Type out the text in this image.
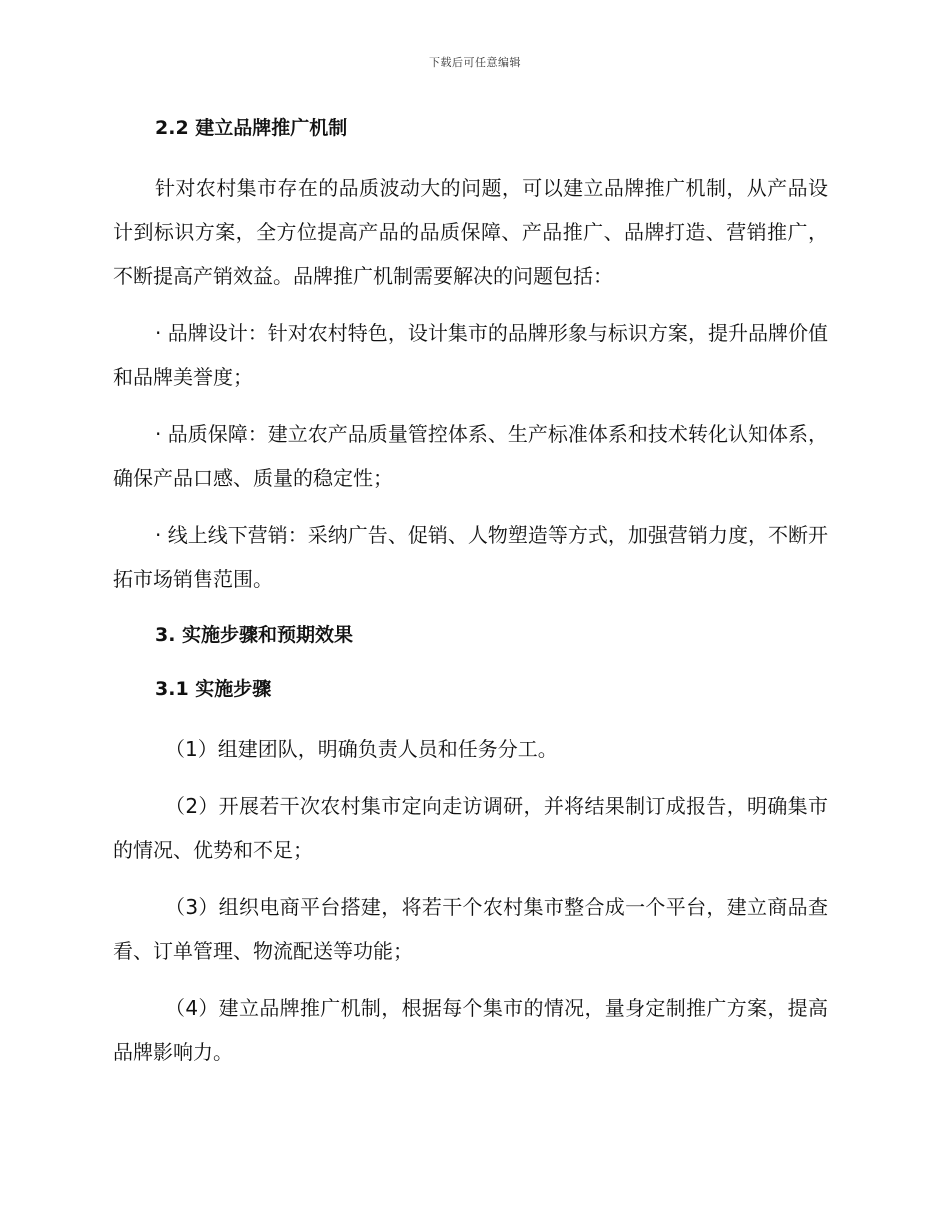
下载后可任意编辑
2.2 建立品牌推广机制

针对农村集市存在的品质波动大的问题，可以建立品牌推广机制，从产品设计到标识方案，全方位提高产品的品质保障、产品推广、品牌打造、营销推广，不断提高产销效益。品牌推广机制需要解决的问题包括：

· 品牌设计：针对农村特色，设计集市的品牌形象与标识方案，提升品牌价值和品牌美誉度；

· 品质保障：建立农产品质量管控体系、生产标准体系和技术转化认知体系，确保产品口感、质量的稳定性；

· 线上线下营销：采纳广告、促销、人物塑造等方式，加强营销力度，不断开拓市场销售范围。

3. 实施步骤和预期效果
3.1 实施步骤

（1）组建团队，明确负责人员和任务分工。

（2）开展若干次农村集市定向走访调研，并将结果制订成报告，明确集市的情况、优势和不足；

（3）组织电商平台搭建，将若干个农村集市整合成一个平台，建立商品查看、订单管理、物流配送等功能；

（4）建立品牌推广机制，根据每个集市的情况，量身定制推广方案，提高品牌影响力。
